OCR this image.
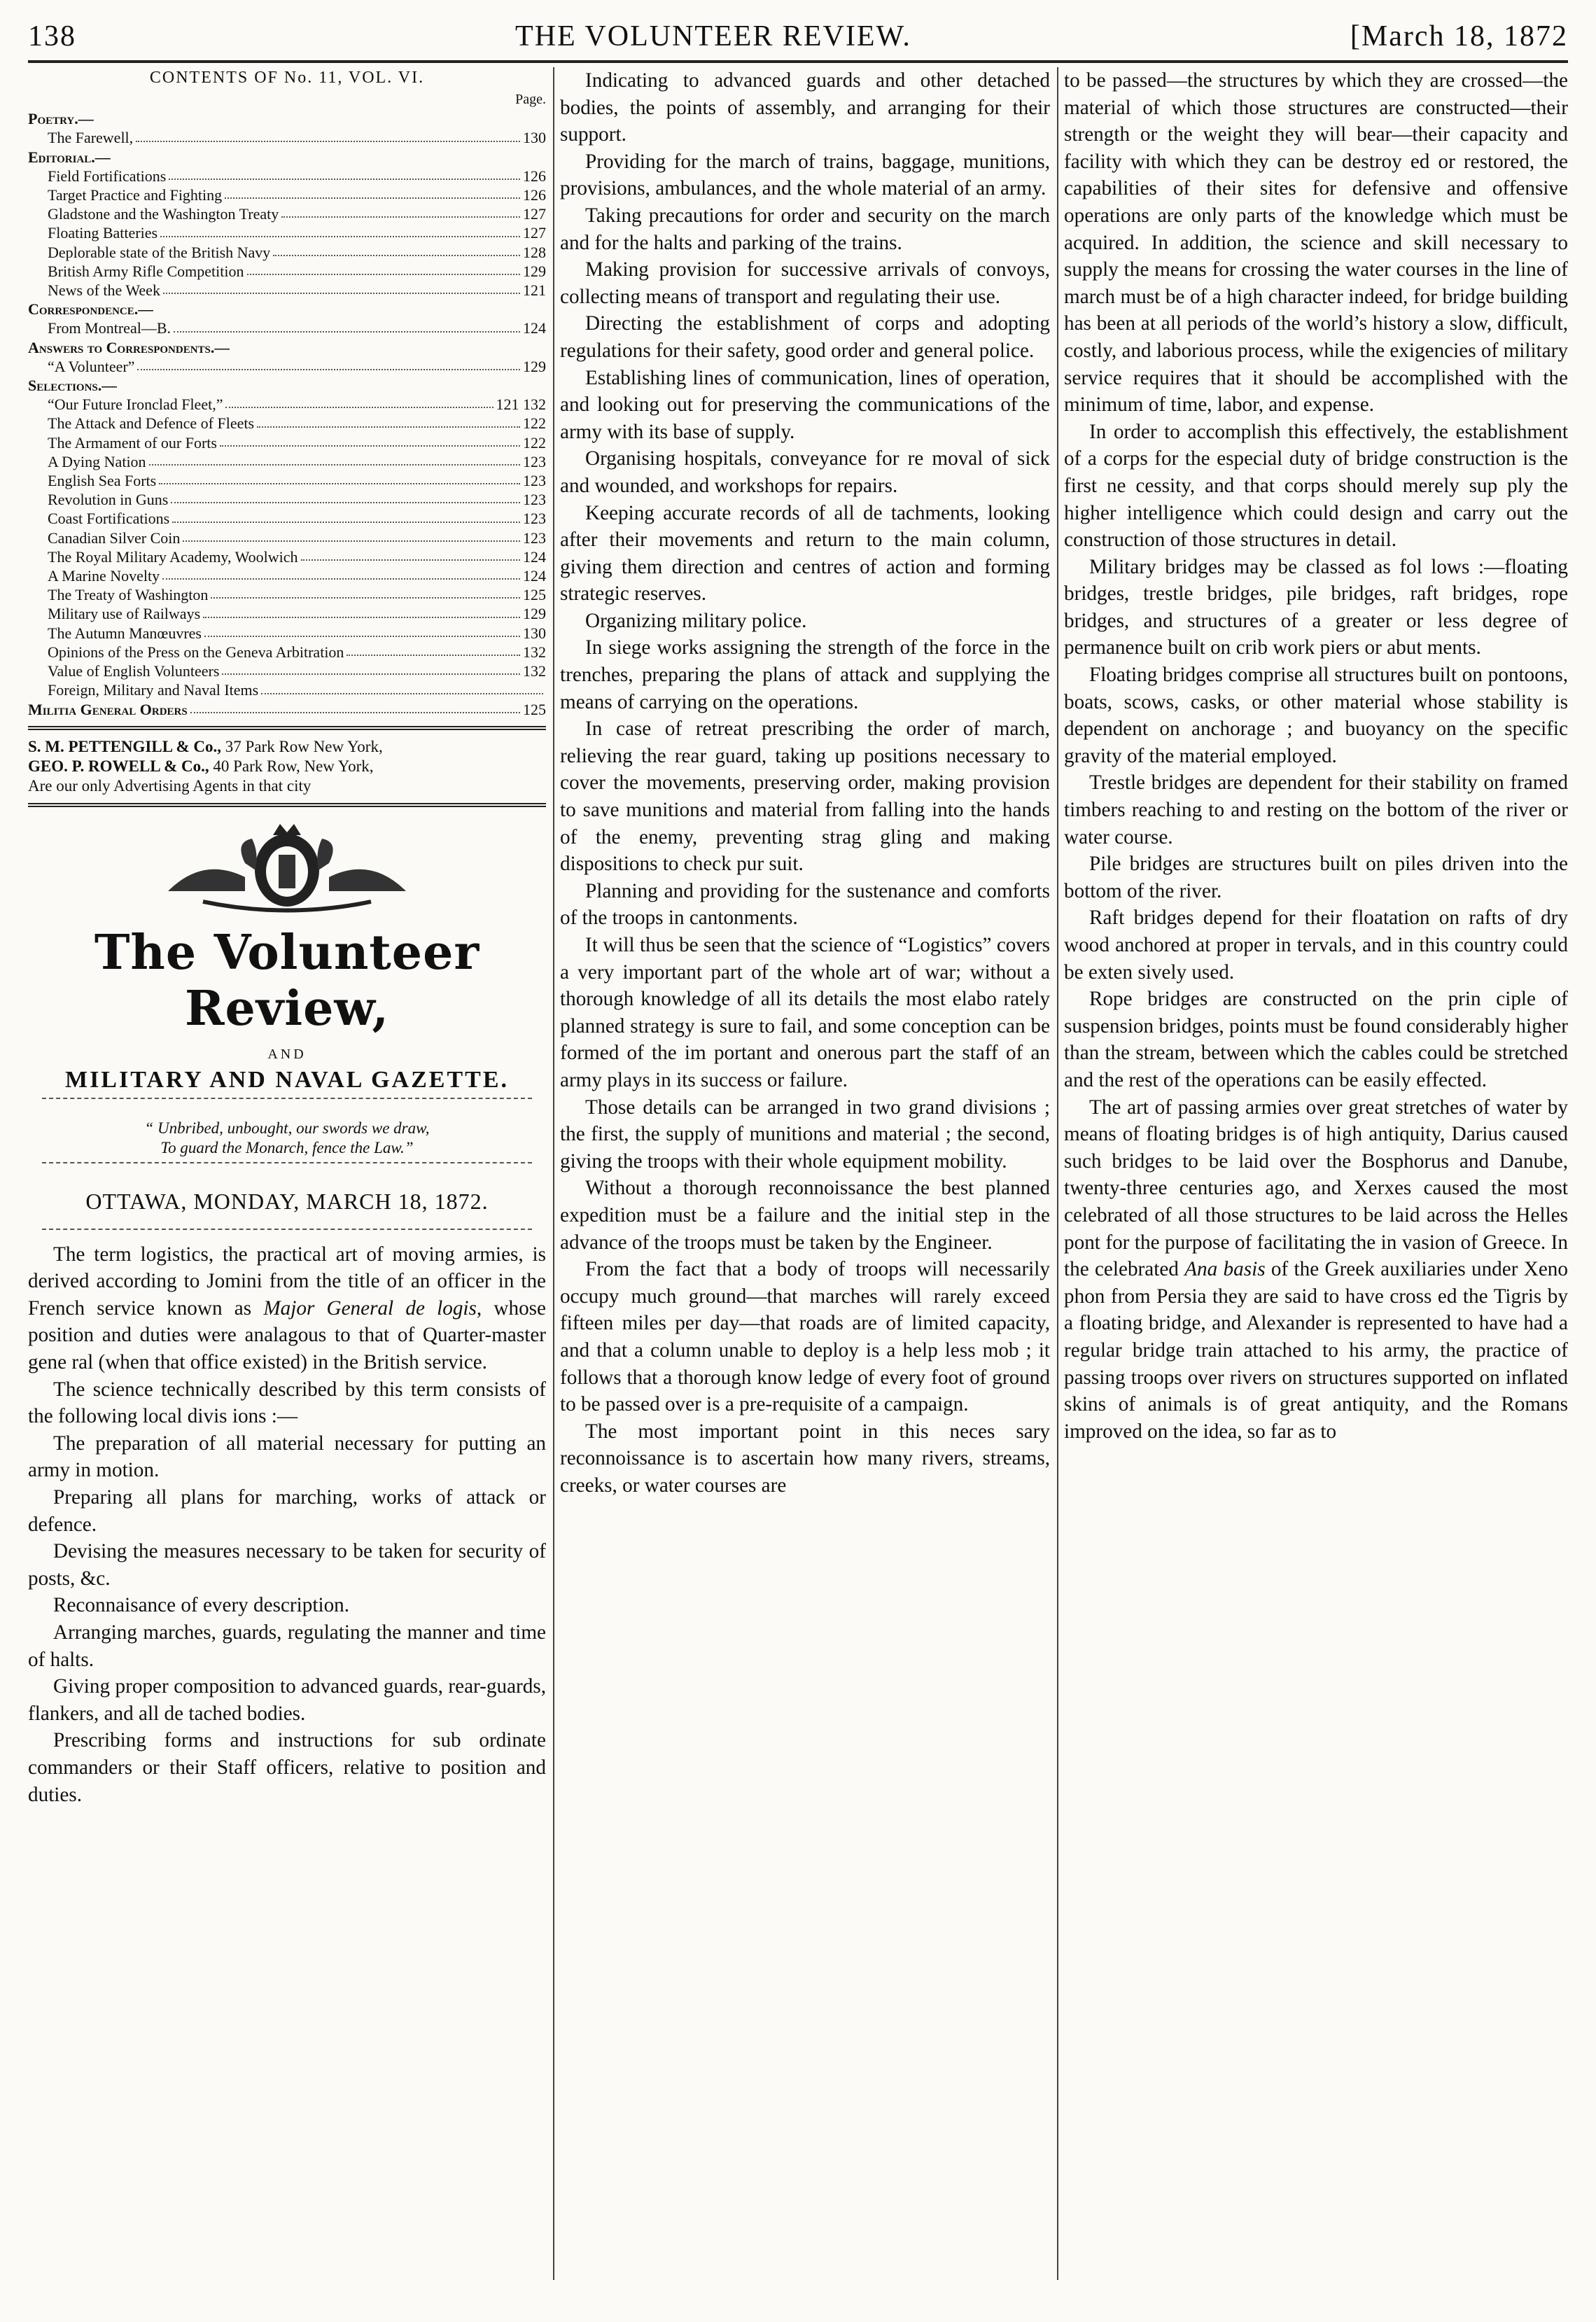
138	THE VOLUNTEER REVIEW.	[March 18, 1872
CONTENTS OF No. 11, VOL. VI.
Page.
Poetry.—
The Farewell,	130
Editorial.—
Field Fortifications	126
Target Practice and Fighting	126
Gladstone and the Washington Treaty	127
Floating Batteries	127
Deplorable state of the British Navy	128
British Army Rifle Competition	129
News of the Week	121
Correspondence.—
From Montreal—B.	124
Answers to Correspondents.—
“A Volunteer”	129
Selections.—
“Our Future Ironclad Fleet,”	121 132
The Attack and Defence of Fleets	122
The Armament of our Forts	122
A Dying Nation	123
English Sea Forts	123
Revolution in Guns	123
Coast Fortifications	123
Canadian Silver Coin	123
The Royal Military Academy, Woolwich	124
A Marine Novelty	124
The Treaty of Washington	125
Military use of Railways	129
The Autumn Manœuvres	130
Opinions of the Press on the Geneva Arbitration	132
Value of English Volunteers	132
Foreign, Military and Naval Items
Militia General Orders	125
S. M. PETTENGILL & Co., 37 Park Row New York,
GEO. P. ROWELL & Co., 40 Park Row, New York,
Are our only Advertising Agents in that city
The Volunteer Review,
AND
MILITARY AND NAVAL GAZETTE.
“ Unbribed, unbought, our swords we draw,
To guard the Monarch, fence the Law.”
OTTAWA, MONDAY, MARCH 18, 1872.

The term logistics, the practical art of moving armies, is derived according to Jomini from the title of an officer in the French service known as Major General de logis, whose position and duties were analagous to that of Quarter-master gene ral (when that office existed) in the British service.

The science technically described by this term consists of the following local divis ions :—

The preparation of all material necessary for putting an army in motion.

Preparing all plans for marching, works of attack or defence.

Devising the measures necessary to be taken for security of posts, &c.

Reconnaisance of every description.

Arranging marches, guards, regulating the manner and time of halts.

Giving proper composition to advanced guards, rear-guards, flankers, and all de tached bodies.

Prescribing forms and instructions for sub ordinate commanders or their Staff officers, relative to position and duties.

Indicating to advanced guards and other detached bodies, the points of assembly, and arranging for their support.

Providing for the march of trains, baggage, munitions, provisions, ambulances, and the whole material of an army.

Taking precautions for order and security on the march and for the halts and parking of the trains.

Making provision for successive arrivals of convoys, collecting means of transport and regulating their use.

Directing the establishment of corps and adopting regulations for their safety, good order and general police.

Establishing lines of communication, lines of operation, and looking out for preserving the communications of the army with its base of supply.

Organising hospitals, conveyance for re moval of sick and wounded, and workshops for repairs.

Keeping accurate records of all de tachments, looking after their movements and return to the main column, giving them direction and centres of action and forming strategic reserves.

Organizing military police.

In siege works assigning the strength of the force in the trenches, preparing the plans of attack and supplying the means of carrying on the operations.

In case of retreat prescribing the order of march, relieving the rear guard, taking up positions necessary to cover the movements, preserving order, making provision to save munitions and material from falling into the hands of the enemy, preventing strag gling and making dispositions to check pur suit.

Planning and providing for the sustenance and comforts of the troops in cantonments.

It will thus be seen that the science of “Logistics” covers a very important part of the whole art of war; without a thorough knowledge of all its details the most elabo rately planned strategy is sure to fail, and some conception can be formed of the im portant and onerous part the staff of an army plays in its success or failure.

Those details can be arranged in two grand divisions ; the first, the supply of munitions and material ; the second, giving the troops with their whole equipment mobility.

Without a thorough reconnoissance the best planned expedition must be a failure and the initial step in the advance of the troops must be taken by the Engineer.

From the fact that a body of troops will necessarily occupy much ground—that marches will rarely exceed fifteen miles per day—that roads are of limited capacity, and that a column unable to deploy is a help less mob ; it follows that a thorough know ledge of every foot of ground to be passed over is a pre-requisite of a campaign.

The most important point in this neces sary reconnoissance is to ascertain how many rivers, streams, creeks, or water courses are

to be passed—the structures by which they are crossed—the material of which those structures are constructed—their strength or the weight they will bear—their capacity and facility with which they can be destroy ed or restored, the capabilities of their sites for defensive and offensive operations are only parts of the knowledge which must be acquired. In addition, the science and skill necessary to supply the means for crossing the water courses in the line of march must be of a high character indeed, for bridge building has been at all periods of the world’s history a slow, difficult, costly, and laborious process, while the exigencies of military service requires that it should be accomplished with the minimum of time, labor, and expense.

In order to accomplish this effectively, the establishment of a corps for the especial duty of bridge construction is the first ne cessity, and that corps should merely sup ply the higher intelligence which could design and carry out the construction of those structures in detail.

Military bridges may be classed as fol lows :—floating bridges, trestle bridges, pile bridges, raft bridges, rope bridges, and structures of a greater or less degree of permanence built on crib work piers or abut ments.

Floating bridges comprise all structures built on pontoons, boats, scows, casks, or other material whose stability is dependent on anchorage ; and buoyancy on the specific gravity of the material employed.

Trestle bridges are dependent for their stability on framed timbers reaching to and resting on the bottom of the river or water course.

Pile bridges are structures built on piles driven into the bottom of the river.

Raft bridges depend for their floatation on rafts of dry wood anchored at proper in tervals, and in this country could be exten sively used.

Rope bridges are constructed on the prin ciple of suspension bridges, points must be found considerably higher than the stream, between which the cables could be stretched and the rest of the operations can be easily effected.

The art of passing armies over great stretches of water by means of floating bridges is of high antiquity, Darius caused such bridges to be laid over the Bosphorus and Danube, twenty-three centuries ago, and Xerxes caused the most celebrated of all those structures to be laid across the Helles pont for the purpose of facilitating the in vasion of Greece. In the celebrated Ana basis of the Greek auxiliaries under Xeno phon from Persia they are said to have cross ed the Tigris by a floating bridge, and Alexander is represented to have had a regular bridge train attached to his army, the practice of passing troops over rivers on structures supported on inflated skins of animals is of great antiquity, and the Romans improved on the idea, so far as to
